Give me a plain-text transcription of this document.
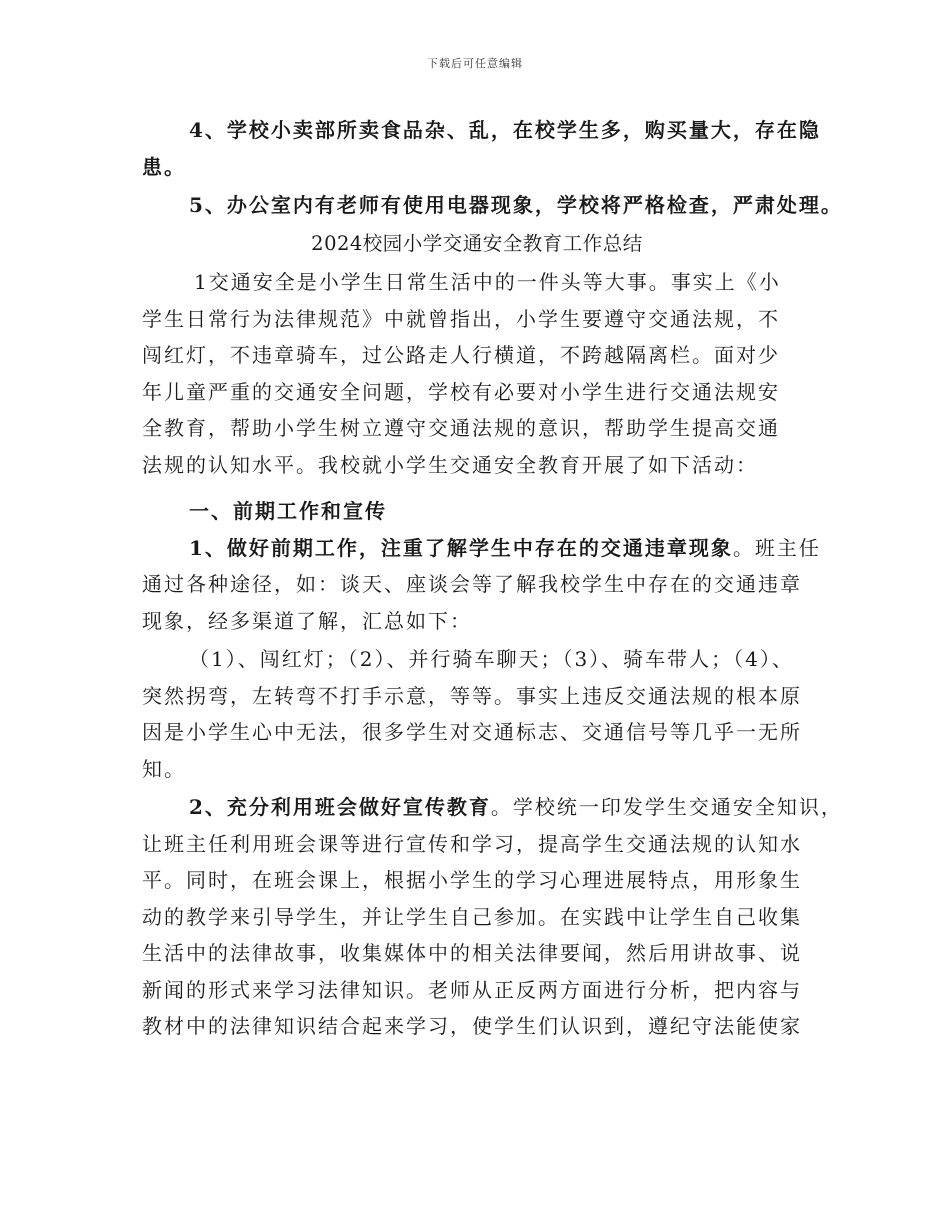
下载后可任意编辑
4、学校小卖部所卖食品杂、乱，在校学生多，购买量大，存在隐
患。
5、办公室内有老师有使用电器现象，学校将严格检查，严肃处理。
2024校园小学交通安全教育工作总结
1交通安全是小学生日常生活中的一件头等大事。事实上《小
学生日常行为法律规范》中就曾指出，小学生要遵守交通法规，不
闯红灯，不违章骑车，过公路走人行横道，不跨越隔离栏。面对少
年儿童严重的交通安全问题，学校有必要对小学生进行交通法规安
全教育，帮助小学生树立遵守交通法规的意识，帮助学生提高交通
法规的认知水平。我校就小学生交通安全教育开展了如下活动：
一、前期工作和宣传
1、做好前期工作，注重了解学生中存在的交通违章现象。班主任
通过各种途径，如：谈天、座谈会等了解我校学生中存在的交通违章
现象，经多渠道了解，汇总如下：
（1）、闯红灯；（2）、并行骑车聊天；（3）、骑车带人；（4）、
突然拐弯，左转弯不打手示意，等等。事实上违反交通法规的根本原
因是小学生心中无法，很多学生对交通标志、交通信号等几乎一无所
知。
2、充分利用班会做好宣传教育。学校统一印发学生交通安全知识，
让班主任利用班会课等进行宣传和学习，提高学生交通法规的认知水
平。同时，在班会课上，根据小学生的学习心理进展特点，用形象生
动的教学来引导学生，并让学生自己参加。在实践中让学生自己收集
生活中的法律故事，收集媒体中的相关法律要闻，然后用讲故事、说
新闻的形式来学习法律知识。老师从正反两方面进行分析，把内容与
教材中的法律知识结合起来学习，使学生们认识到，遵纪守法能使家
